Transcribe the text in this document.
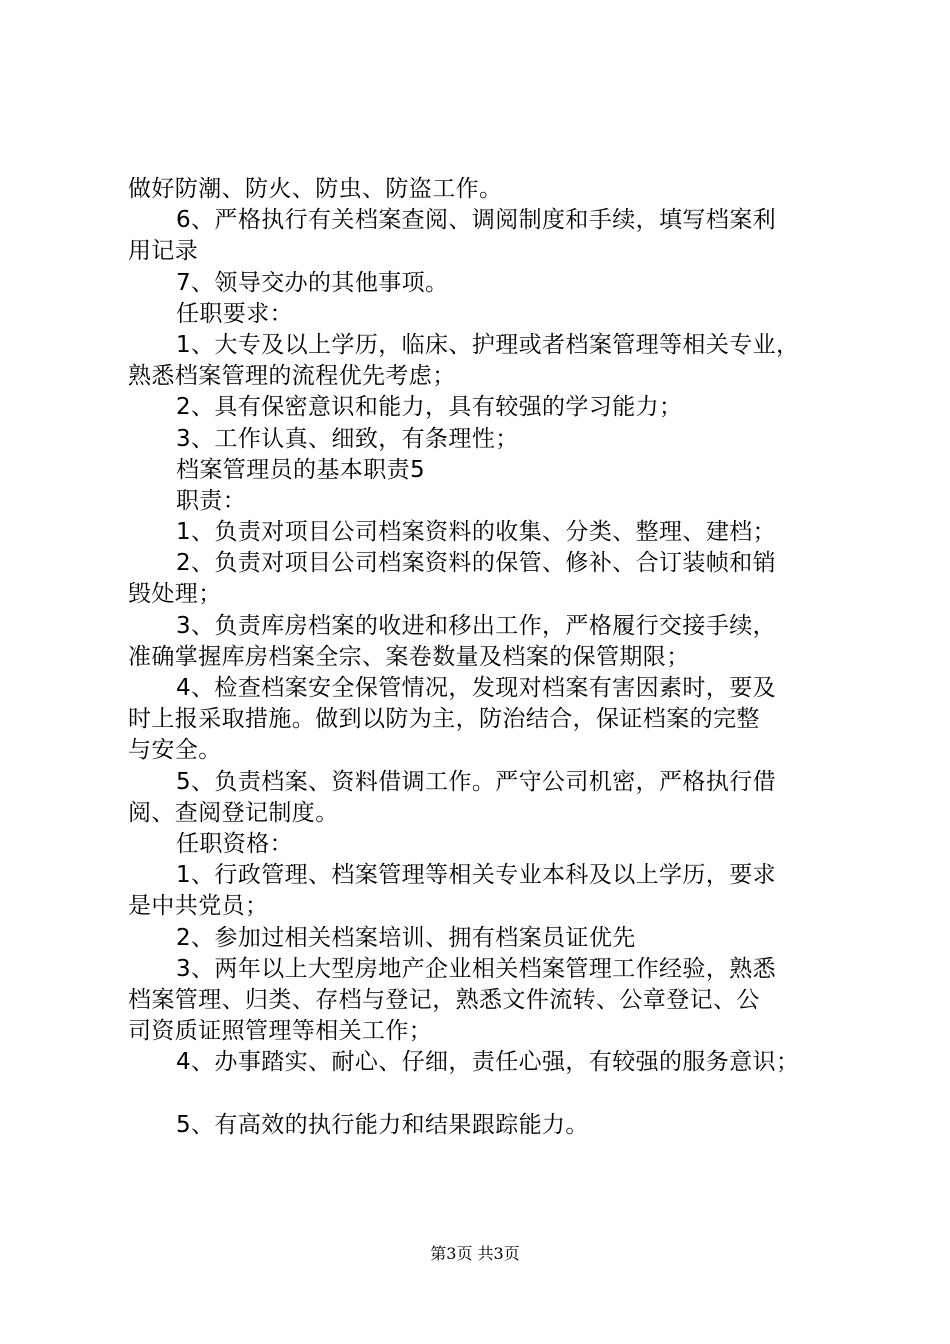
做好防潮、防火、防虫、防盗工作。
6、严格执行有关档案查阅、调阅制度和手续，填写档案利
用记录
7、领导交办的其他事项。
任职要求：
1、大专及以上学历，临床、护理或者档案管理等相关专业，
熟悉档案管理的流程优先考虑；
2、具有保密意识和能力，具有较强的学习能力；
3、工作认真、细致，有条理性；
档案管理员的基本职责5
职责：
1、负责对项目公司档案资料的收集、分类、整理、建档；
2、负责对项目公司档案资料的保管、修补、合订装帧和销
毁处理；
3、负责库房档案的收进和移出工作，严格履行交接手续，
准确掌握库房档案全宗、案卷数量及档案的保管期限；
4、检查档案安全保管情况，发现对档案有害因素时，要及
时上报采取措施。做到以防为主，防治结合，保证档案的完整
与安全。
5、负责档案、资料借调工作。严守公司机密，严格执行借
阅、查阅登记制度。
任职资格：
1、行政管理、档案管理等相关专业本科及以上学历，要求
是中共党员；
2、参加过相关档案培训、拥有档案员证优先
3、两年以上大型房地产企业相关档案管理工作经验，熟悉
档案管理、归类、存档与登记，熟悉文件流转、公章登记、公
司资质证照管理等相关工作；
4、办事踏实、耐心、仔细，责任心强，有较强的服务意识；
5、有高效的执行能力和结果跟踪能力。
第3页 共3页
